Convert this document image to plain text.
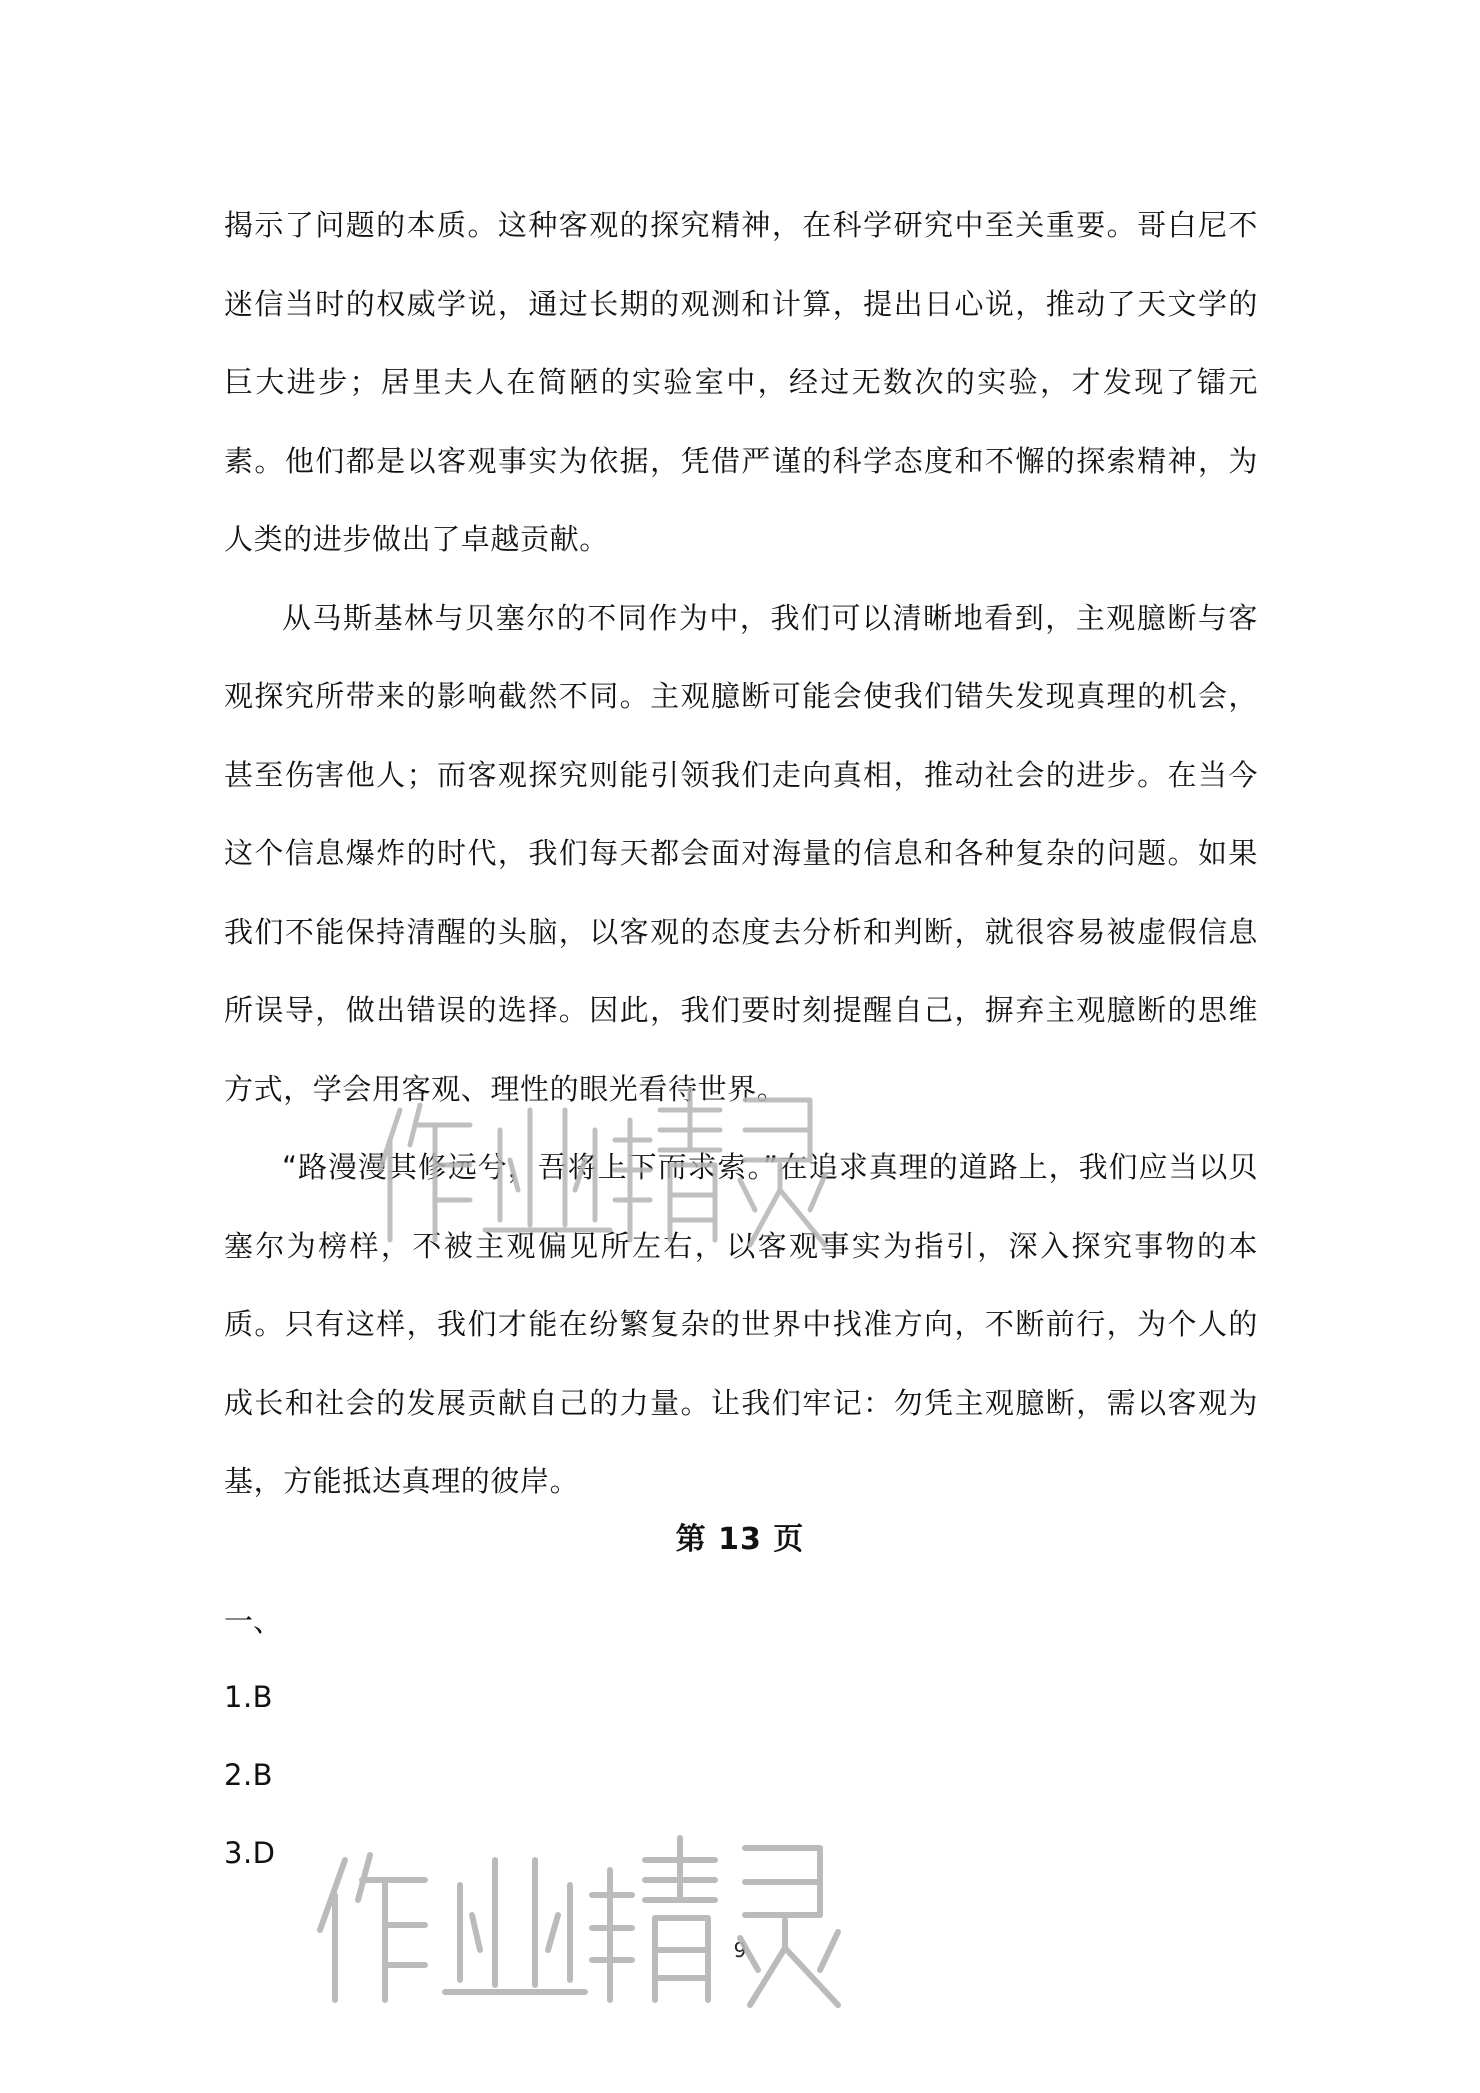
揭示了问题的本质。这种客观的探究精神，在科学研究中至关重要。哥白尼不迷信当时的权威学说，通过长期的观测和计算，提出日心说，推动了天文学的巨大进步；居里夫人在简陋的实验室中，经过无数次的实验，才发现了镭元素。他们都是以客观事实为依据，凭借严谨的科学态度和不懈的探索精神，为人类的进步做出了卓越贡献。

从马斯基林与贝塞尔的不同作为中，我们可以清晰地看到，主观臆断与客观探究所带来的影响截然不同。主观臆断可能会使我们错失发现真理的机会，甚至伤害他人；而客观探究则能引领我们走向真相，推动社会的进步。在当今这个信息爆炸的时代，我们每天都会面对海量的信息和各种复杂的问题。如果我们不能保持清醒的头脑，以客观的态度去分析和判断，就很容易被虚假信息所误导，做出错误的选择。因此，我们要时刻提醒自己，摒弃主观臆断的思维方式，学会用客观、理性的眼光看待世界。

“路漫漫其修远兮，吾将上下而求索。”在追求真理的道路上，我们应当以贝塞尔为榜样，不被主观偏见所左右，以客观事实为指引，深入探究事物的本质。只有这样，我们才能在纷繁复杂的世界中找准方向，不断前行，为个人的成长和社会的发展贡献自己的力量。让我们牢记：勿凭主观臆断，需以客观为基，方能抵达真理的彼岸。

第 13 页
一、
1.B
2.B
3.D
9
